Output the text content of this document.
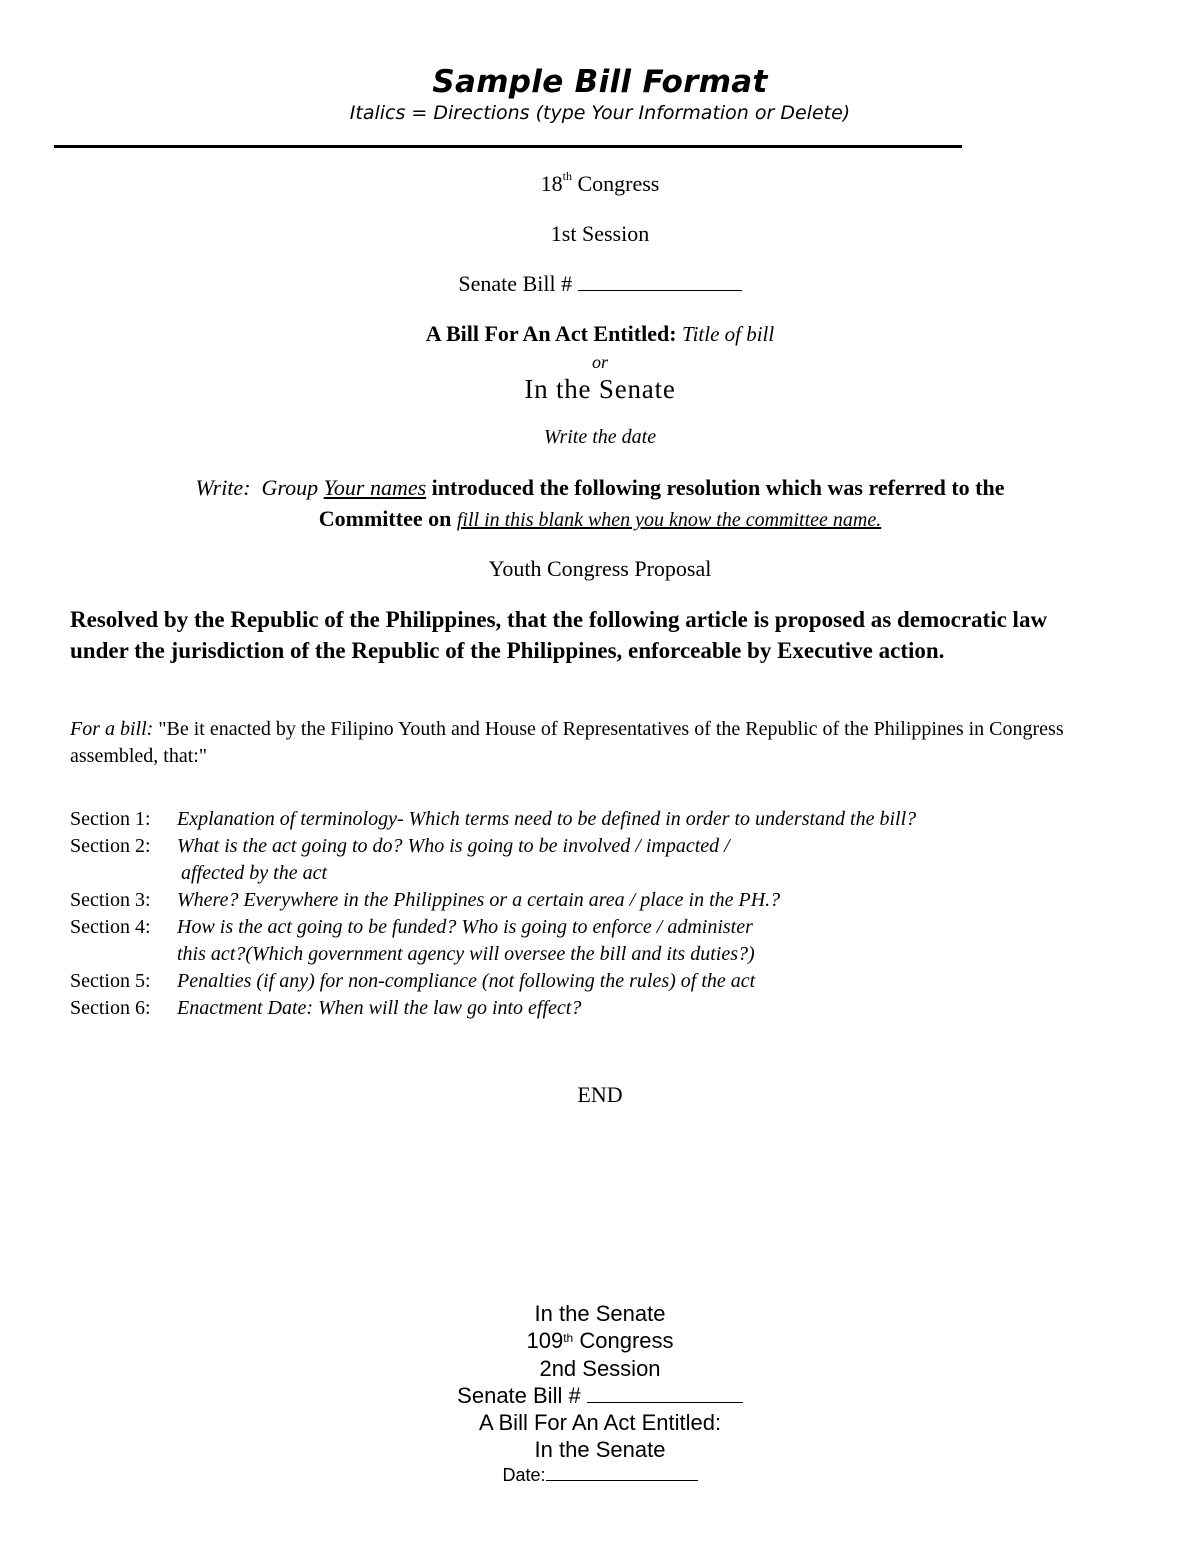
Sample Bill Format
Italics = Directions (type Your Information or Delete)
18th Congress
1st Session
Senate Bill #
A Bill For An Act Entitled: Title of bill
or
In the Senate
Write the date
Write: Group Your names introduced the following resolution which was referred to the
Committee on fill in this blank when you know the committee name.
Youth Congress Proposal
Resolved by the Republic of the Philippines, that the following article is proposed as democratic law under the jurisdiction of the Republic of the Philippines, enforceable by Executive action.
For a bill: "Be it enacted by the Filipino Youth and House of Representatives of the Republic of the Philippines in Congress assembled, that:"
Section 1:	Explanation of terminology- Which terms need to be defined in order to understand the bill?
Section 2:	What is the act going to do? Who is going to be involved / impacted /
affected by the act
Section 3:	Where? Everywhere in the Philippines or a certain area / place in the PH.?
Section 4:	How is the act going to be funded? Who is going to enforce / administer
this act?(Which government agency will oversee the bill and its duties?)
Section 5:	Penalties (if any) for non-compliance (not following the rules) of the act
Section 6:	Enactment Date: When will the law go into effect?
END
In the Senate
109th Congress
2nd Session
Senate Bill #
A Bill For An Act Entitled:
In the Senate
Date:
